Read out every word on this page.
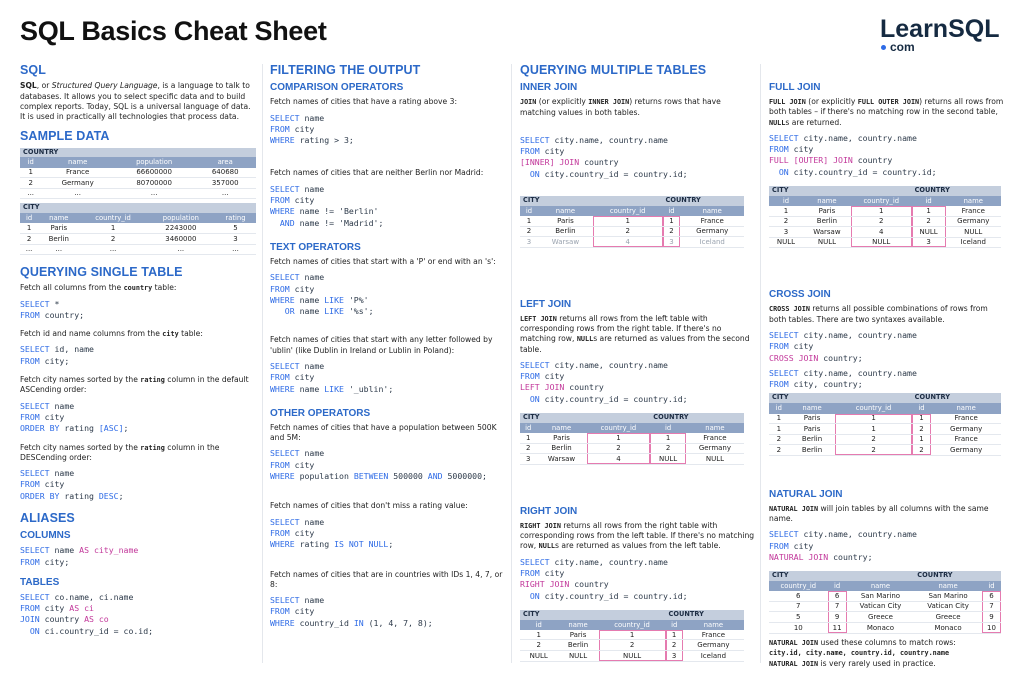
SQL Basics Cheat Sheet	LearnSQL
com
SQL

SQL, or Structured Query Language, is a language to talk to databases. It allows you to select specific data and to build complex reports. Today, SQL is a universal language of data. It is used in practically all technologies that process data.

SAMPLE DATA
COUNTRY			
id	name	population	area
1	France	66600000	640680
2	Germany	80700000	357000
...	...	...	...
CITY				
id	name	country_id	population	rating
1	Paris	1	2243000	5
2	Berlin	2	3460000	3
...	...	...	...	...
QUERYING SINGLE TABLE

Fetch all columns from the country table:

SELECT *
FROM country;

Fetch id and name columns from the city table:

SELECT id, name
FROM city;

Fetch city names sorted by the rating column in the default ASCending order:

SELECT name
FROM city
ORDER BY rating [ASC];

Fetch city names sorted by the rating column in the DESCending order:

SELECT name
FROM city
ORDER BY rating DESC;
ALIASES
COLUMNS
SELECT name AS city_name
FROM city;
TABLES
SELECT co.name, ci.name
FROM city AS ci
JOIN country AS co
ON ci.country_id = co.id;
FILTERING THE OUTPUT
COMPARISON OPERATORS

Fetch names of cities that have a rating above 3:

SELECT name
FROM city
WHERE rating > 3;

Fetch names of cities that are neither Berlin nor Madrid:

SELECT name
FROM city
WHERE name != 'Berlin'
AND name != 'Madrid';
TEXT OPERATORS

Fetch names of cities that start with a 'P' or end with an 's':

SELECT name
FROM city
WHERE name LIKE 'P%'
OR name LIKE '%s';

Fetch names of cities that start with any letter followed by 'ublin' (like Dublin in Ireland or Lublin in Poland):

SELECT name
FROM city
WHERE name LIKE '_ublin';
OTHER OPERATORS

Fetch names of cities that have a population between 500K and 5M:

SELECT name
FROM city
WHERE population BETWEEN 500000 AND 5000000;

Fetch names of cities that don't miss a rating value:

SELECT name
FROM city
WHERE rating IS NOT NULL;

Fetch names of cities that are in countries with IDs 1, 4, 7, or 8:

SELECT name
FROM city
WHERE country_id IN (1, 4, 7, 8);
QUERYING MULTIPLE TABLES
INNER JOIN

JOIN (or explicitly INNER JOIN) returns rows that have matching values in both tables.

SELECT city.name, country.name
FROM city
[INNER] JOIN country
ON city.country_id = country.id;
CITY			COUNTRY	
id	name	country_id	id	name
1	Paris	1	1	France
2	Berlin	2	2	Germany
3	Warsaw	4	3	Iceland
LEFT JOIN

LEFT JOIN returns all rows from the left table with corresponding rows from the right table. If there's no matching row, NULLs are returned as values from the second table.

SELECT city.name, country.name
FROM city
LEFT JOIN country
ON city.country_id = country.id;
CITY			COUNTRY	
id	name	country_id	id	name
1	Paris	1	1	France
2	Berlin	2	2	Germany
3	Warsaw	4	NULL	NULL
RIGHT JOIN

RIGHT JOIN returns all rows from the right table with corresponding rows from the left table. If there's no matching row, NULLs are returned as values from the left table.

SELECT city.name, country.name
FROM city
RIGHT JOIN country
ON city.country_id = country.id;
CITY			COUNTRY	
id	name	country_id	id	name
1	Paris	1	1	France
2	Berlin	2	2	Germany
NULL	NULL	NULL	3	Iceland
FULL JOIN

FULL JOIN (or explicitly FULL OUTER JOIN) returns all rows from both tables – if there's no matching row in the second table, NULLs are returned.

SELECT city.name, country.name
FROM city
FULL [OUTER] JOIN country
ON city.country_id = country.id;
CITY			COUNTRY	
id	name	country_id	id	name
1	Paris	1	1	France
2	Berlin	2	2	Germany
3	Warsaw	4	NULL	NULL
NULL	NULL	NULL	3	Iceland
CROSS JOIN

CROSS JOIN returns all possible combinations of rows from both tables. There are two syntaxes available.

SELECT city.name, country.name
FROM city
CROSS JOIN country;
SELECT city.name, country.name
FROM city, country;
CITY			COUNTRY	
id	name	country_id	id	name
1	Paris	1	1	France
1	Paris	1	2	Germany
2	Berlin	2	1	France
2	Berlin	2	2	Germany
NATURAL JOIN

NATURAL JOIN will join tables by all columns with the same name.

SELECT city.name, country.name
FROM city
NATURAL JOIN country;
CITY			COUNTRY	
country_id	id	name	name	id
6	6	San Marino	San Marino	6
7	7	Vatican City	Vatican City	7
5	9	Greece	Greece	9
10	11	Monaco	Monaco	10

NATURAL JOIN used these columns to match rows:
city.id, city.name, country.id, country.name

NATURAL JOIN is very rarely used in practice.
